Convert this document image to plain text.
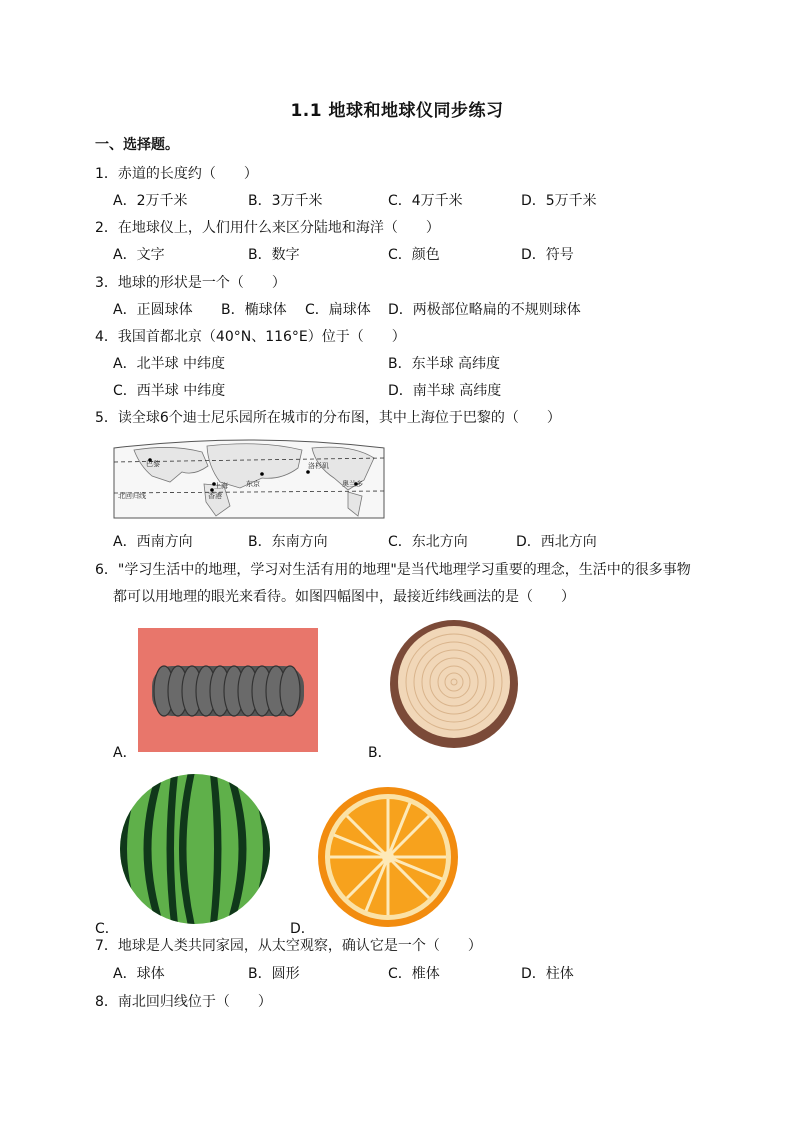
1.1 地球和地球仪同步练习
一、选择题。
1．赤道的长度约（　　）
A．2万千米	B．3万千米	C．4万千米	D．5万千米
2．在地球仪上，人们用什么来区分陆地和海洋（　　）
A．文字	B．数字	C．颜色	D．符号
3．地球的形状是一个（　　）
A．正圆球体 B．椭球体 C．扁球体 D．两极部位略扁的不规则球体
4．我国首都北京（40°N、116°E）位于（　　）
A．北半球 中纬度	B．东半球 高纬度
C．西半球 中纬度	D．南半球 高纬度
5．读全球6个迪士尼乐园所在城市的分布图，其中上海位于巴黎的（　　）
巴黎	洛杉矶
东京
上海
香港
奥兰多
北回归线
A．西南方向	B．东南方向	C．东北方向	D．西北方向
6．"学习生活中的地理，学习对生活有用的地理"是当代地理学习重要的理念，生活中的很多事物
都可以用地理的眼光来看待。如图四幅图中，最接近纬线画法的是（　　）
A．	B．
C．	D．
7．地球是人类共同家园，从太空观察，确认它是一个（　　）
A．球体	B．圆形	C．椎体	D．柱体
8．南北回归线位于（　　）
